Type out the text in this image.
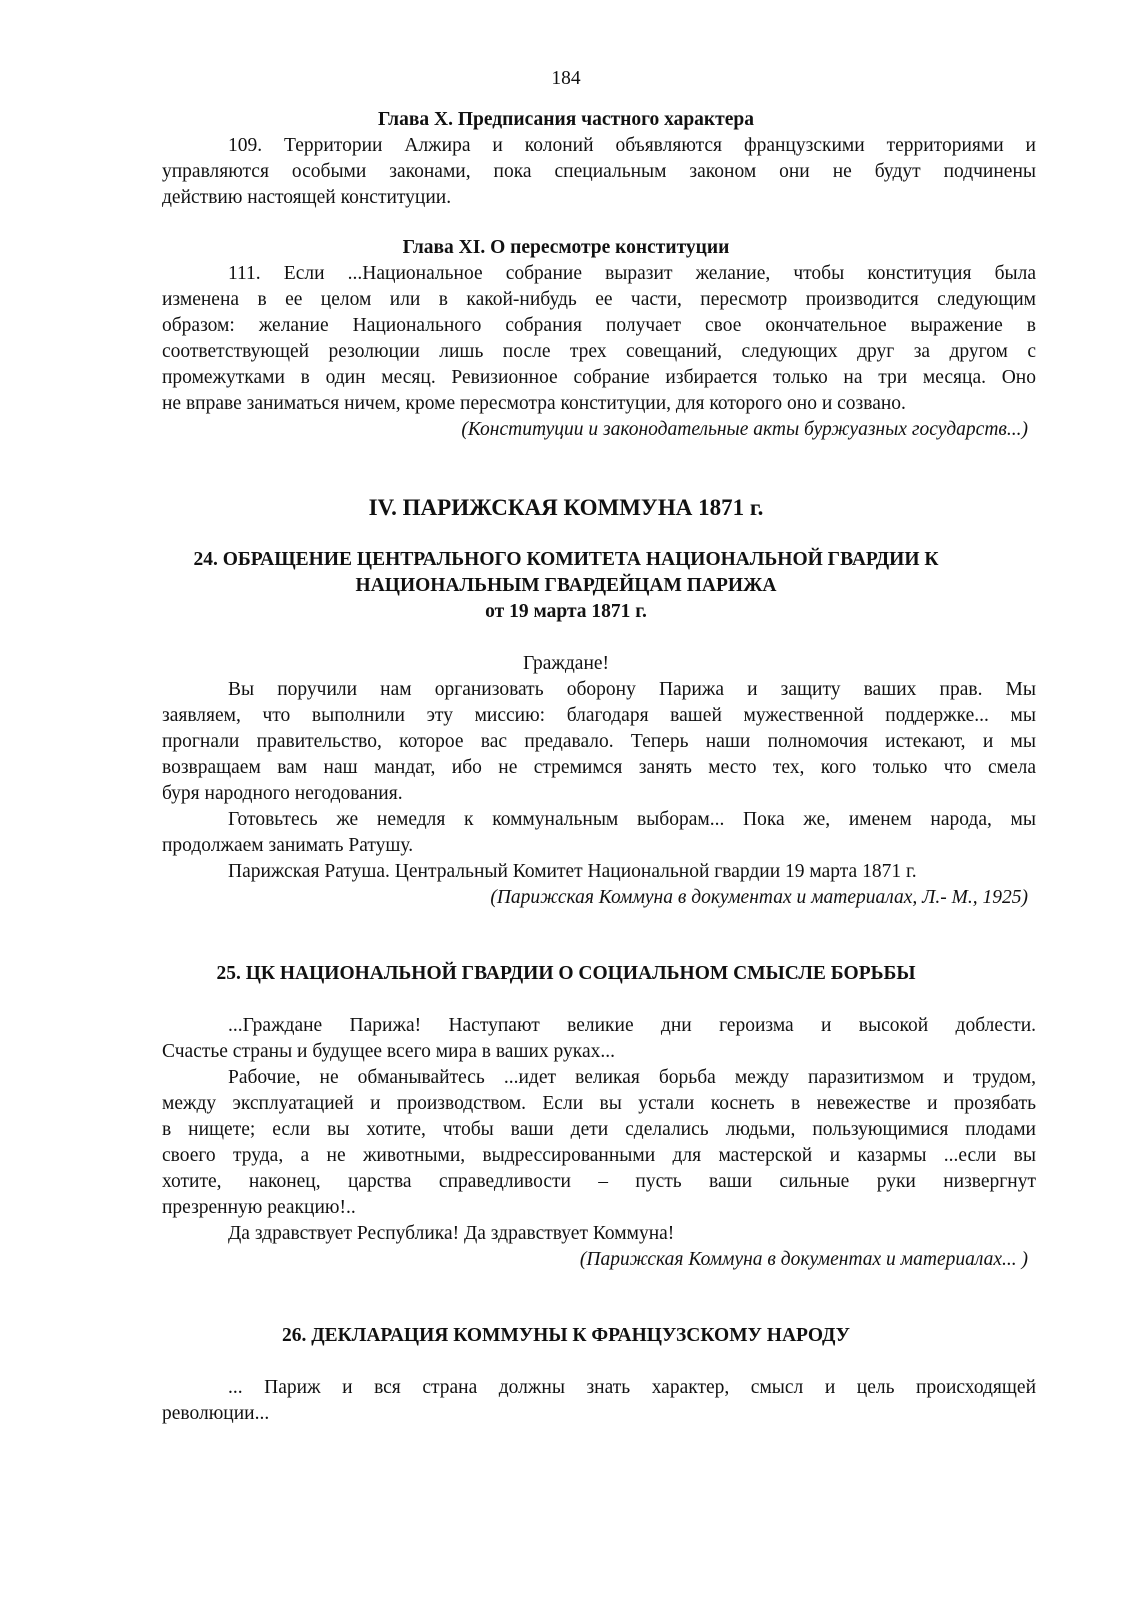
184
Глава X. Предписания частного характера
109. Территории Алжира и колоний объявляются французскими территориями и
управляются особыми законами, пока специальным законом они не будут подчинены
действию настоящей конституции.
Глава XI. О пересмотре конституции
111. Если ...Национальное собрание выразит желание, чтобы конституция была
изменена в ее целом или в какой-нибудь ее части, пересмотр производится следующим
образом: желание Национального собрания получает свое окончательное выражение в
соответствующей резолюции лишь после трех совещаний, следующих друг за другом с
промежутками в один месяц. Ревизионное собрание избирается только на три месяца. Оно
не вправе заниматься ничем, кроме пересмотра конституции, для которого оно и созвано.
(Конституции и законодательные акты буржуазных государств...)
IV. ПАРИЖСКАЯ КОММУНА 1871 г.
24. ОБРАЩЕНИЕ ЦЕНТРАЛЬНОГО КОМИТЕТА НАЦИОНАЛЬНОЙ ГВАРДИИ К
НАЦИОНАЛЬНЫМ ГВАРДЕЙЦАМ ПАРИЖА
от 19 марта 1871 г.
Граждане!
Вы поручили нам организовать оборону Парижа и защиту ваших прав. Мы
заявляем, что выполнили эту миссию: благодаря вашей мужественной поддержке... мы
прогнали правительство, которое вас предавало. Теперь наши полномочия истекают, и мы
возвращаем вам наш мандат, ибо не стремимся занять место тех, кого только что смела
буря народного негодования.
Готовьтесь же немедля к коммунальным выборам... Пока же, именем народа, мы
продолжаем занимать Ратушу.
Парижская Ратуша. Центральный Комитет Национальной гвардии 19 марта 1871 г.
(Парижская Коммуна в документах и материалах, Л.- М., 1925)
25. ЦК НАЦИОНАЛЬНОЙ ГВАРДИИ О СОЦИАЛЬНОМ СМЫСЛЕ БОРЬБЫ
...Граждане Парижа! Наступают великие дни героизма и высокой доблести.
Счастье страны и будущее всего мира в ваших руках...
Рабочие, не обманывайтесь ...идет великая борьба между паразитизмом и трудом,
между эксплуатацией и производством. Если вы устали коснеть в невежестве и прозябать
в нищете; если вы хотите, чтобы ваши дети сделались людьми, пользующимися плодами
своего труда, а не животными, выдрессированными для мастерской и казармы ...если вы
хотите, наконец, царства справедливости – пусть ваши сильные руки низвергнут
презренную реакцию!..
Да здравствует Республика! Да здравствует Коммуна!
(Парижская Коммуна в документах и материалах... )
26. ДЕКЛАРАЦИЯ КОММУНЫ К ФРАНЦУЗСКОМУ НАРОДУ
... Париж и вся страна должны знать характер, смысл и цель происходящей
революции...
